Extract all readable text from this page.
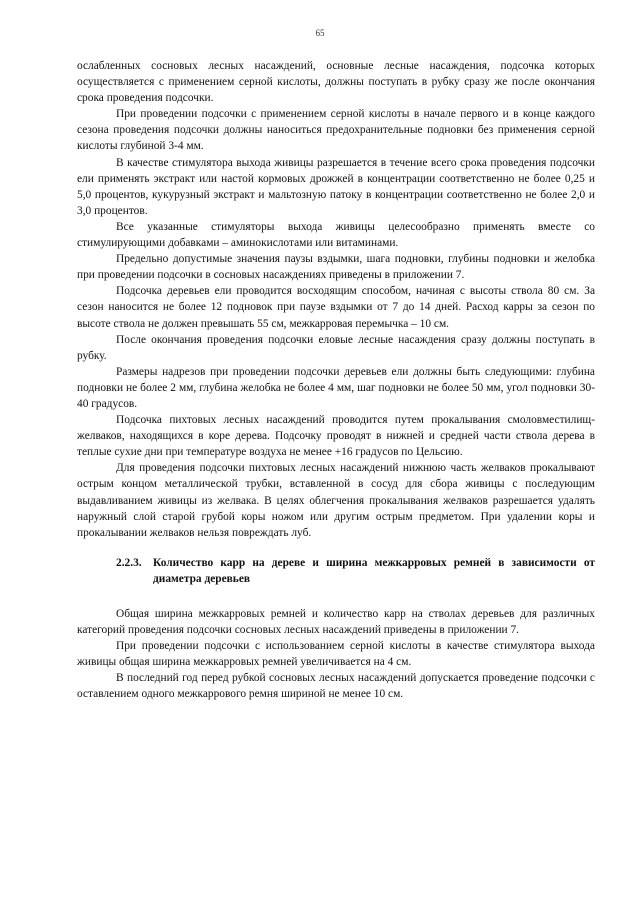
65

ослабленных сосновых лесных насаждений, основные лесные насаждения, подсочка которых осуществляется с применением серной кислоты, должны поступать в рубку сразу же после окончания срока проведения подсочки.

При проведении подсочки с применением серной кислоты в начале первого и в конце каждого сезона проведения подсочки должны наноситься предохранительные подновки без применения серной кислоты глубиной 3-4 мм.

В качестве стимулятора выхода живицы разрешается в течение всего срока проведения подсочки ели применять экстракт или настой кормовых дрожжей в концентрации соответственно не более 0,25 и 5,0 процентов, кукурузный экстракт и мальтозную патоку в концентрации соответственно не более 2,0 и 3,0 процентов.

Все указанные стимуляторы выхода живицы целесообразно применять вместе со стимулирующими добавками – аминокислотами или витаминами.

Предельно допустимые значения паузы вздымки, шага подновки, глубины подновки и желобка при проведении подсочки в сосновых насаждениях приведены в приложении 7.

Подсочка деревьев ели проводится восходящим способом, начиная с высоты ствола 80 см. За сезон наносится не более 12 подновок при паузе вздымки от 7 до 14 дней. Расход карры за сезон по высоте ствола не должен превышать 55 см, межкарровая перемычка – 10 см.

После окончания проведения подсочки еловые лесные насаждения сразу должны поступать в рубку.

Размеры надрезов при проведении подсочки деревьев ели должны быть следующими: глубина подновки не более 2 мм, глубина желобка не более 4 мм, шаг подновки не более 50 мм, угол подновки 30-40 градусов.

Подсочка пихтовых лесных насаждений проводится путем прокалывания смоловместилищ-желваков, находящихся в коре дерева. Подсочку проводят в нижней и средней части ствола дерева в теплые сухие дни при температуре воздуха не менее +16 градусов по Цельсию.

Для проведения подсочки пихтовых лесных насаждений нижнюю часть желваков прокалывают острым концом металлической трубки, вставленной в сосуд для сбора живицы с последующим выдавливанием живицы из желвака. В целях облегчения прокалывания желваков разрешается удалять наружный слой старой грубой коры ножом или другим острым предметом. При удалении коры и прокалывании желваков нельзя повреждать луб.

2.2.3. Количество карр на дереве и ширина межкарровых ремней в зависимости от диаметра деревьев

Общая ширина межкарровых ремней и количество карр на стволах деревьев для различных категорий проведения подсочки сосновых лесных насаждений приведены в приложении 7.

При проведении подсочки с использованием серной кислоты в качестве стимулятора выхода живицы общая ширина межкарровых ремней увеличивается на 4 см.

В последний год перед рубкой сосновых лесных насаждений допускается проведение подсочки с оставлением одного межкаррового ремня шириной не менее 10 см.
